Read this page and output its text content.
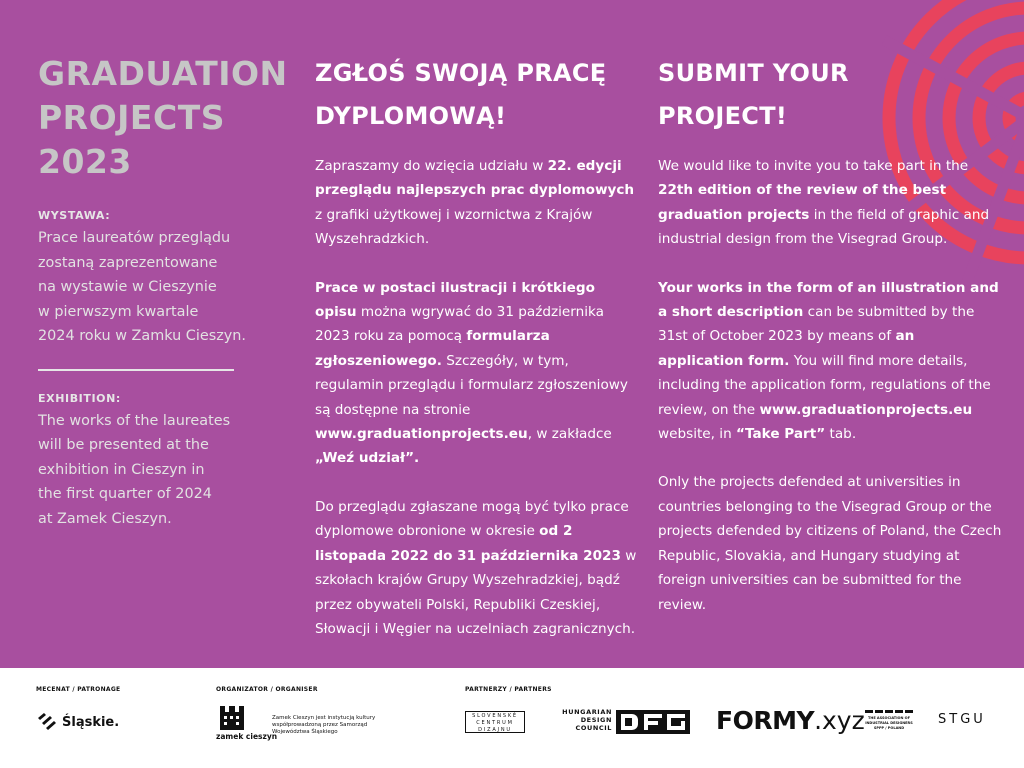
GRADUATION
PROJECTS
2023

WYSTAWA:

Prace laureatów przeglądu

zostaną zaprezentowane

na wystawie w Cieszynie

w pierwszym kwartale

2024 roku w Zamku Cieszyn.

EXHIBITION:

The works of the laureates

will be presented at the

exhibition in Cieszyn in

the first quarter of 2024

at Zamek Cieszyn.

ZGŁOŚ SWOJĄ PRACĘ
DYPLOMOWĄ!

Zapraszamy do wzięcia udziału w 22. edycji przeglądu najlepszych prac dyplomowych z grafiki użytkowej i wzornictwa z Krajów Wyszehradzkich.

Prace w postaci ilustracji i krótkiego opisu można wgrywać do 31 października 2023 roku za pomocą formularza zgłoszeniowego. Szczegóły, w tym, regulamin przeglądu i formularz zgłoszeniowy są dostępne na stronie www.graduationprojects.eu, w zakładce „Weź udział”.

Do przeglądu zgłaszane mogą być tylko prace dyplomowe obronione w okresie od 2 listopada 2022 do 31 października 2023 w szkołach krajów Grupy Wyszehradzkiej, bądź przez obywateli Polski, Republiki Czeskiej, Słowacji i Węgier na uczelniach zagranicznych.

SUBMIT YOUR
PROJECT!

We would like to invite you to take part in the 22th edition of the review of the best graduation projects in the field of graphic and industrial design from the Visegrad Group.

Your works in the form of an illustration and a short description can be submitted by the 31st of October 2023 by means of an application form. You will find more details, including the application form, regulations of the review, on the www.graduationprojects.eu website, in “Take Part” tab.

Only the projects defended at universities in countries belonging to the Visegrad Group or the projects defended by citizens of Poland, the Czech Republic, Slovakia, and Hungary studying at foreign universities can be submitted for the review.

MECENAT / PATRONAGE	ORGANIZATOR / ORGANISER	PARTNERZY / PARTNERS
Śląskie.
zamek cieszyn
Zamek Cieszyn jest instytucją kultury
współprowadzoną przez Samorząd
Województwa Śląskiego
SLOVENSKÉ
CENTRUM
DIZAJNU
HUNGARIAN
DESIGN
COUNCIL	FORMY.xyz THE ASSOCIATION OF
INDUSTRIAL DESIGNERS
SPPP / POLAND
STGU
